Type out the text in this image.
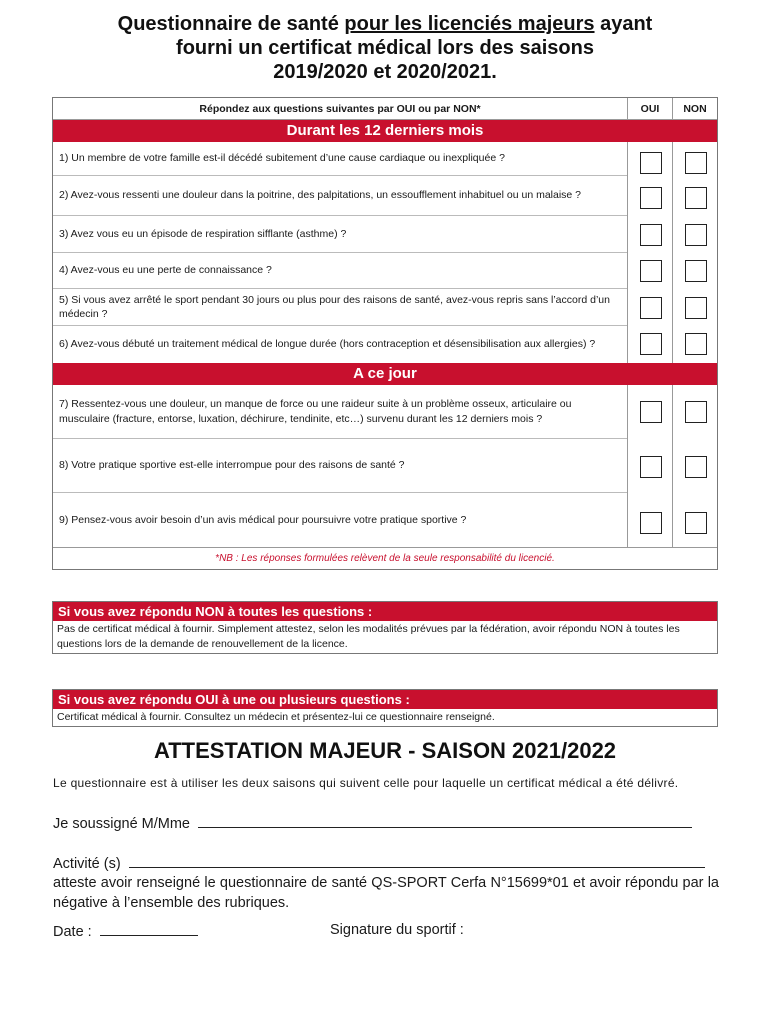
Questionnaire de santé pour les licenciés majeurs ayant
fourni un certificat médical lors des saisons
2019/2020 et 2020/2021.
Répondez aux questions suivantes par OUI ou par NON*	OUI	NON
Durant les 12 derniers mois
1) Un membre de votre famille est-il décédé subitement d’une cause cardiaque ou inexpliquée ?
2) Avez-vous ressenti une douleur dans la poitrine, des palpitations, un essoufflement inhabituel ou un malaise ?
3) Avez vous eu un épisode de respiration sifflante (asthme) ?
4) Avez-vous eu une perte de connaissance ?
5) Si vous avez arrêté le sport pendant 30 jours ou plus pour des raisons de santé, avez-vous repris sans l’accord d’un médecin ?
6) Avez-vous débuté un traitement médical de longue durée (hors contraception et désensibilisation aux allergies) ?
A ce jour
7) Ressentez-vous une douleur, un manque de force ou une raideur suite à un problème osseux, articulaire ou musculaire (fracture, entorse, luxation, déchirure, tendinite, etc…) survenu durant les 12 derniers mois ?
8) Votre pratique sportive est-elle interrompue pour des raisons de santé ?
9) Pensez-vous avoir besoin d’un avis médical pour poursuivre votre pratique sportive ?
*NB : Les réponses formulées relèvent de la seule responsabilité du licencié.
Si vous avez répondu NON à toutes les questions :
Pas de certificat médical à fournir. Simplement attestez, selon les modalités prévues par la fédération, avoir répondu NON à toutes les questions lors de la demande de renouvellement de la licence.
Si vous avez répondu OUI à une ou plusieurs questions :
Certificat médical à fournir. Consultez un médecin et présentez-lui ce questionnaire renseigné.
ATTESTATION MAJEUR - SAISON 2021/2022
Le questionnaire est à utiliser les deux saisons qui suivent celle pour laquelle un certificat médical a été délivré.
Je soussigné M/Mme
Activité (s)
atteste avoir renseigné le questionnaire de santé QS-SPORT Cerfa N°15699*01 et avoir répondu par la négative à l’ensemble des rubriques.
Date :	Signature du sportif :
